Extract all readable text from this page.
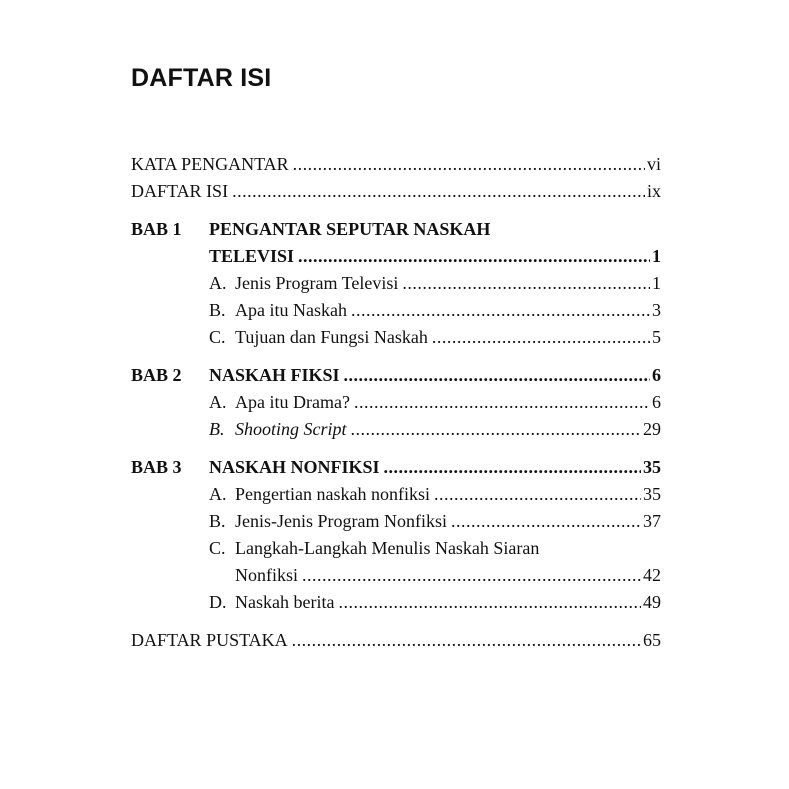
DAFTAR ISI
KATA PENGANTAR .....	vi
DAFTAR ISI .....	ix
BAB 1	PENGANTAR SEPUTAR NASKAH
TELEVISI .....	1
A. Jenis Program Televisi .....	1
B. Apa itu Naskah .....	3
C. Tujuan dan Fungsi Naskah .....	5
BAB 2	NASKAH FIKSI .....	6
A. Apa itu Drama? .....	6
B. Shooting Script .....	29
BAB 3	NASKAH NONFIKSI .....	35
A. Pengertian naskah nonfiksi .....	35
B. Jenis-Jenis Program Nonfiksi .....	37
C. Langkah-Langkah Menulis Naskah Siaran
Nonfiksi .....	42
D. Naskah berita .....	49
DAFTAR PUSTAKA .....	65
